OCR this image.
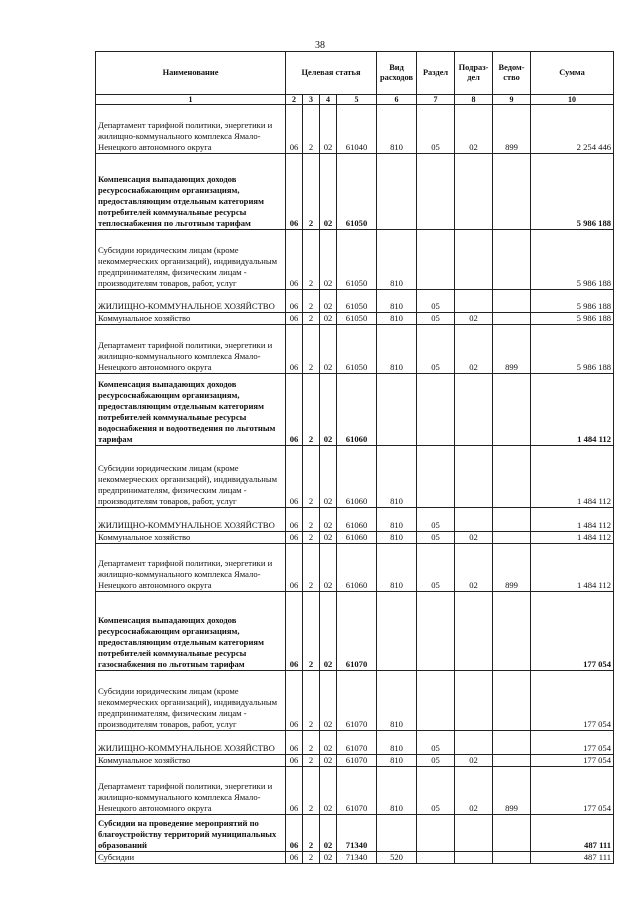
38
Наименование	Целевая статья				Вид расходов	Раздел	Подраз-дел	Ведом-ство	Сумма
1	2	3	4	5	6	7	8	9	10
Департамент тарифной политики, энергетики и жилищно-коммунального комплекса Ямало-Ненецкого автономного округа	06	2	02	61040	810	05	02	899	2 254 446
Компенсация выпадающих доходов ресурсоснабжающим организациям, предоставляющим отдельным категориям потребителей коммунальные ресурсы теплоснабжения по льготным тарифам	06	2	02	61050					5 986 188
Субсидии юридическим лицам (кроме некоммерческих организаций), индивидуальным предпринимателям, физическим лицам - производителям товаров, работ, услуг	06	2	02	61050	810				5 986 188
ЖИЛИЩНО-КОММУНАЛЬНОЕ ХОЗЯЙСТВО	06	2	02	61050	810	05			5 986 188
Коммунальное хозяйство	06	2	02	61050	810	05	02		5 986 188
Департамент тарифной политики, энергетики и жилищно-коммунального комплекса Ямало-Ненецкого автономного округа	06	2	02	61050	810	05	02	899	5 986 188
Компенсация выпадающих доходов ресурсоснабжающим организациям, предоставляющим отдельным категориям потребителей коммунальные ресурсы водоснабжения и водоотведения по льготным тарифам	06	2	02	61060					1 484 112
Субсидии юридическим лицам (кроме некоммерческих организаций), индивидуальным предпринимателям, физическим лицам - производителям товаров, работ, услуг	06	2	02	61060	810				1 484 112
ЖИЛИЩНО-КОММУНАЛЬНОЕ ХОЗЯЙСТВО	06	2	02	61060	810	05			1 484 112
Коммунальное хозяйство	06	2	02	61060	810	05	02		1 484 112
Департамент тарифной политики, энергетики и жилищно-коммунального комплекса Ямало-Ненецкого автономного округа	06	2	02	61060	810	05	02	899	1 484 112
Компенсация выпадающих доходов ресурсоснабжающим организациям, предоставляющим отдельным категориям потребителей коммунальные ресурсы газоснабжения по льготным тарифам	06	2	02	61070					177 054
Субсидии юридическим лицам (кроме некоммерческих организаций), индивидуальным предпринимателям, физическим лицам - производителям товаров, работ, услуг	06	2	02	61070	810				177 054
ЖИЛИЩНО-КОММУНАЛЬНОЕ ХОЗЯЙСТВО	06	2	02	61070	810	05			177 054
Коммунальное хозяйство	06	2	02	61070	810	05	02		177 054
Департамент тарифной политики, энергетики и жилищно-коммунального комплекса Ямало-Ненецкого автономного округа	06	2	02	61070	810	05	02	899	177 054
Субсидии на проведение мероприятий по благоустройству территорий муниципальных образований	06	2	02	71340					487 111
Субсидии	06	2	02	71340	520				487 111
